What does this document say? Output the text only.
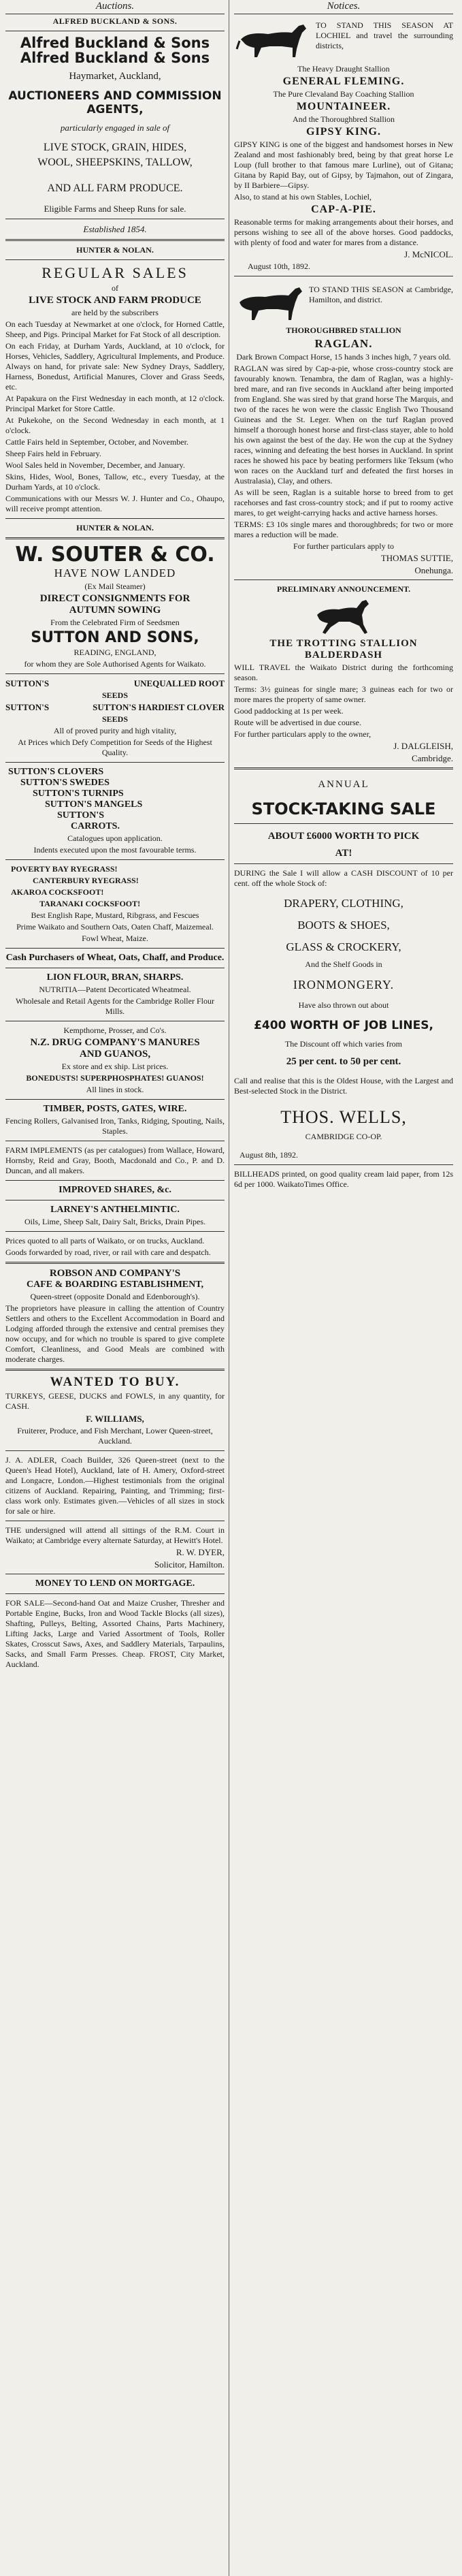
Auctions.
ALFRED BUCKLAND & SONS.
Alfred Buckland & Sons
Alfred Buckland & Sons
Haymarket, Auckland,
AUCTIONEERS AND COMMISSION
AGENTS,
particularly engaged in sale of
LIVE STOCK, GRAIN, HIDES,
WOOL, SHEEPSKINS, TALLOW,
AND ALL FARM PRODUCE.
Eligible Farms and Sheep Runs for sale.
Established 1854.
HUNTER & NOLAN.
REGULAR SALES
of
LIVE STOCK AND FARM PRODUCE
are held by the subscribers
On each Tuesday at Newmarket at one o'clock, for Horned Cattle, Sheep, and Pigs. Principal Market for Fat Stock of all description.
On each Friday, at Durham Yards, Auckland, at 10 o'clock, for Horses, Vehicles, Saddlery, Agricultural Implements, and Produce. Always on hand, for private sale: New Sydney Drays, Saddlery, Harness, Bonedust, Artificial Manures, Clover and Grass Seeds, etc.
At Papakura on the First Wednesday in each month, at 12 o'clock. Principal Market for Store Cattle.
At Pukekohe, on the Second Wednesday in each month, at 1 o'clock.
Cattle Fairs held in September, October, and November.
Sheep Fairs held in February.
Wool Sales held in November, December, and January.
Skins, Hides, Wool, Bones, Tallow, etc., every Tuesday, at the Durham Yards, at 10 o'clock.
Communications with our Messrs W. J. Hunter and Co., Ohaupo, will receive prompt attention.
HUNTER & NOLAN.
W. SOUTER & CO.
HAVE NOW LANDED
(Ex Mail Steamer)
DIRECT CONSIGNMENTS FOR
AUTUMN SOWING
From the Celebrated Firm of Seedsmen
SUTTON AND SONS,
READING, ENGLAND,
for whom they are Sole Authorised Agents for Waikato.
SUTTON'S	UNEQUALLED ROOT
SEEDS
SUTTON'S	SUTTON'S HARDIEST CLOVER
SEEDS
All of proved purity and high vitality,
At Prices which Defy Competition for Seeds of the Highest Quality.
SUTTON'S CLOVERS
SUTTON'S SWEDES
SUTTON'S TURNIPS
SUTTON'S MANGELS
SUTTON'S
CARROTS.
Catalogues upon application.
Indents executed upon the most favourable terms.
POVERTY BAY RYEGRASS!
CANTERBURY RYEGRASS!
AKAROA COCKSFOOT!
TARANAKI COCKSFOOT!
Best English Rape, Mustard, Ribgrass, and Fescues
Prime Waikato and Southern Oats, Oaten Chaff, Maizemeal.
Fowl Wheat, Maize.
Cash Purchasers of Wheat, Oats, Chaff, and Produce.
LION FLOUR, BRAN, SHARPS.
NUTRITIA—Patent Decorticated Wheatmeal.
Wholesale and Retail Agents for the Cambridge Roller Flour Mills.
Kempthorne, Prosser, and Co's.
N.Z. DRUG COMPANY'S MANURES
AND GUANOS,
Ex store and ex ship. List prices.
BONEDUSTS! SUPERPHOSPHATES! GUANOS!
All lines in stock.
TIMBER, POSTS, GATES, WIRE.
Fencing Rollers, Galvanised Iron, Tanks, Ridging, Spouting, Nails, Staples.
FARM IMPLEMENTS (as per catalogues) from Wallace, Howard, Hornsby, Reid and Gray, Booth, Macdonald and Co., P. and D. Duncan, and all makers.
IMPROVED SHARES, &c.
LARNEY'S ANTHELMINTIC.
Oils, Lime, Sheep Salt, Dairy Salt, Bricks, Drain Pipes.
Prices quoted to all parts of Waikato, or on trucks, Auckland.
Goods forwarded by road, river, or rail with care and despatch.
ROBSON AND COMPANY'S
CAFE & BOARDING ESTABLISHMENT,
Queen-street (opposite Donald and Edenborough's).
The proprietors have pleasure in calling the attention of Country Settlers and others to the Excellent Accommodation in Board and Lodging afforded through the extensive and central premises they now occupy, and for which no trouble is spared to give complete Comfort, Cleanliness, and Good Meals are combined with moderate charges.
WANTED TO BUY.
TURKEYS, GEESE, DUCKS and FOWLS, in any quantity, for CASH.
F. WILLIAMS,
Fruiterer, Produce, and Fish Merchant, Lower Queen-street, Auckland.
J. A. ADLER, Coach Builder, 326 Queen-street (next to the Queen's Head Hotel), Auckland, late of H. Amery, Oxford-street and Longacre, London.—Highest testimonials from the original citizens of Auckland. Repairing, Painting, and Trimming; first-class work only. Estimates given.—Vehicles of all sizes in stock for sale or hire.
THE undersigned will attend all sittings of the R.M. Court in Waikato; at Cambridge every alternate Saturday, at Hewitt's Hotel.
R. W. DYER,
Solicitor, Hamilton.
MONEY TO LEND ON MORTGAGE.
FOR SALE—Second-hand Oat and Maize Crusher, Thresher and Portable Engine, Bucks, Iron and Wood Tackle Blocks (all sizes), Shafting, Pulleys, Belting, Assorted Chains, Parts Machinery, Lifting Jacks, Large and Varied Assortment of Tools, Roller Skates, Crosscut Saws, Axes, and Saddlery Materials, Tarpaulins, Sacks, and Small Farm Presses. Cheap. FROST, City Market, Auckland.
Notices.
TO STAND THIS SEASON AT LOCHIEL and travel the surrounding districts,
The Heavy Draught Stallion
GENERAL FLEMING.
The Pure Clevaland Bay Coaching Stallion
MOUNTAINEER.
And the Thoroughbred Stallion
GIPSY KING.
GIPSY KING is one of the biggest and handsomest horses in New Zealand and most fashionably bred, being by that great horse Le Loup (full brother to that famous mare Lurline), out of Gitana; Gitana by Rapid Bay, out of Gipsy, by Tajmahon, out of Zingara, by II Barbiere—Gipsy.
Also, to stand at his own Stables, Lochiel,
CAP-A-PIE.
Reasonable terms for making arrangements about their horses, and persons wishing to see all of the above horses. Good paddocks, with plenty of food and water for mares from a distance.
J. McNICOL.
August 10th, 1892.
TO STAND THIS SEASON at Cambridge, Hamilton, and district.
THOROUGHBRED STALLION
RAGLAN.
Dark Brown Compact Horse, 15 hands 3 inches high, 7 years old.
RAGLAN was sired by Cap-a-pie, whose cross-country stock are favourably known. Tenambra, the dam of Raglan, was a highly-bred mare, and ran five seconds in Auckland after being imported from England. She was sired by that grand horse The Marquis, and two of the races he won were the classic English Two Thousand Guineas and the St. Leger. When on the turf Raglan proved himself a thorough honest horse and first-class stayer, able to hold his own against the best of the day. He won the cup at the Sydney races, winning and defeating the best horses in Auckland. In sprint races he showed his pace by beating performers like Teksum (who won races on the Auckland turf and defeated the first horses in Australasia), Clay, and others.
As will be seen, Raglan is a suitable horse to breed from to get racehorses and fast cross-country stock; and if put to roomy active mares, to get weight-carrying hacks and active harness horses.
TERMS: £3 10s single mares and thoroughbreds; for two or more mares a reduction will be made.
For further particulars apply to
THOMAS SUTTIE,
Onehunga.
PRELIMINARY ANNOUNCEMENT.
THE TROTTING STALLION
BALDERDASH
WILL TRAVEL the Waikato District during the forthcoming season.
Terms: 3½ guineas for single mare; 3 guineas each for two or more mares the property of same owner.
Good paddocking at 1s per week.
Route will be advertised in due course.
For further particulars apply to the owner,
J. DALGLEISH,
Cambridge.
ANNUAL
STOCK-TAKING SALE
ABOUT £6000 WORTH TO PICK
AT!
DURING the Sale I will allow a CASH DISCOUNT of 10 per cent. off the whole Stock of:
DRAPERY, CLOTHING,
BOOTS & SHOES,
GLASS & CROCKERY,
And the Shelf Goods in
IRONMONGERY.
Have also thrown out about
£400 WORTH OF JOB LINES,
The Discount off which varies from
25 per cent. to 50 per cent.
Call and realise that this is the Oldest House, with the Largest and Best-selected Stock in the District.
THOS. WELLS,
CAMBRIDGE CO-OP.
August 8th, 1892.
BILLHEADS printed, on good quality cream laid paper, from 12s 6d per 1000. WaikatoTimes Office.
